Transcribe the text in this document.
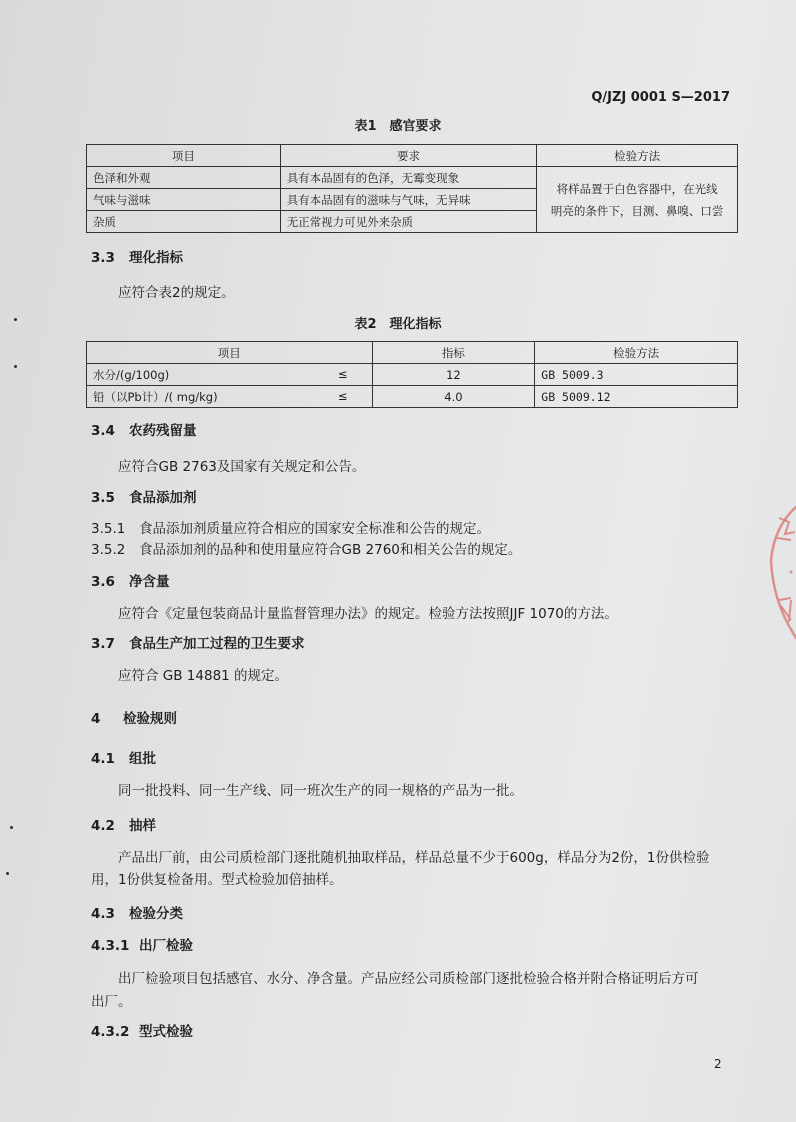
Q/JZJ 0001 S—2017
表1　感官要求
项目	要求	检验方法
色泽和外观	具有本品固有的色泽，无霉变现象	将样品置于白色容器中，在光线
明亮的条件下，目测、鼻嗅、口尝

气味与滋味	具有本品固有的滋味与气味，无异味	
杂质	无正常视力可见外来杂质	
3.3 理化指标
应符合表2的规定。
表2　理化指标
项目	指标	检验方法
水分/(g/100g) ≤	12	GB 5009.3
铅（以Pb计）/( mg/kg) ≤	4.0	GB 5009.12
3.4 农药残留量
应符合GB 2763及国家有关规定和公告。
3.5 食品添加剂
3.5.1 食品添加剂质量应符合相应的国家安全标准和公告的规定。
3.5.2 食品添加剂的品种和使用量应符合GB 2760和相关公告的规定。
3.6 净含量
应符合《定量包装商品计量监督管理办法》的规定。检验方法按照JJF 1070的方法。
3.7 食品生产加工过程的卫生要求
应符合 GB 14881 的规定。
4 检验规则
4.1 组批
同一批投料、同一生产线、同一班次生产的同一规格的产品为一批。
4.2 抽样
产品出厂前，由公司质检部门逐批随机抽取样品，样品总量不少于600g，样品分为2份，1份供检验
用，1份供复检备用。型式检验加倍抽样。
4.3 检验分类
4.3.1 出厂检验
出厂检验项目包括感官、水分、净含量。产品应经公司质检部门逐批检验合格并附合格证明后方可
出厂。
4.3.2 型式检验
2
